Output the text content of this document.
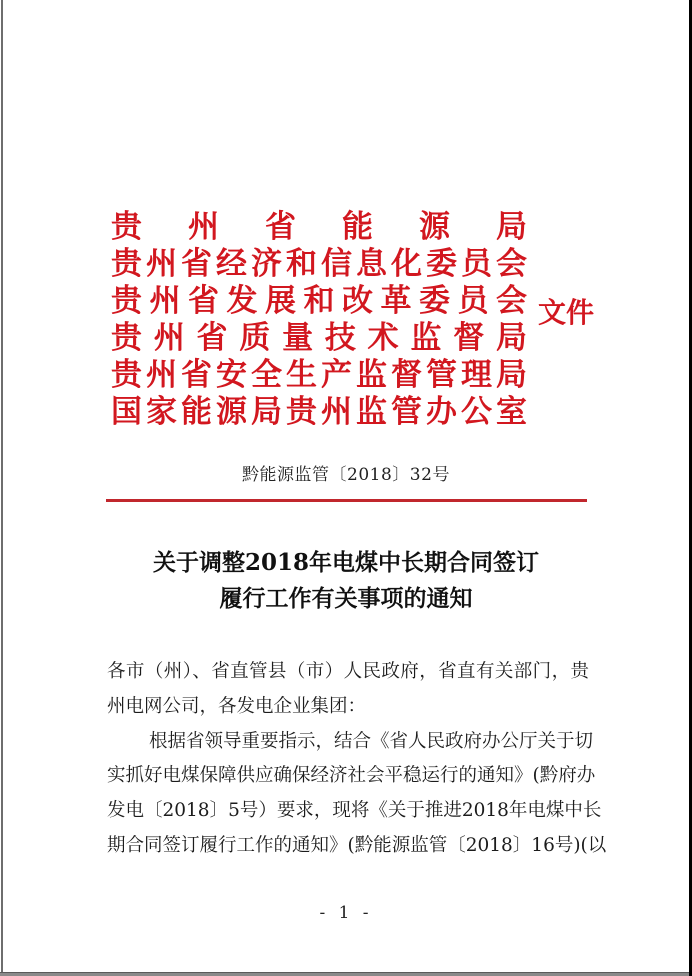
贵　州　省　能　源　局
贵州省经济和信息化委员会
贵州省发展和改革委员会
贵州省质量技术监督局
贵州省安全生产监督管理局
国家能源局贵州监管办公室
文件
黔能源监管〔2018〕32号
关于调整2018年电煤中长期合同签订
履行工作有关事项的通知
各市（州）、省直管县（市）人民政府，省直有关部门，贵
州电网公司，各发电企业集团：
根据省领导重要指示，结合《省人民政府办公厅关于切
实抓好电煤保障供应确保经济社会平稳运行的通知》(黔府办
发电〔2018〕5号）要求，现将《关于推进2018年电煤中长
期合同签订履行工作的通知》(黔能源监管〔2018〕16号)(以
- 1 -
